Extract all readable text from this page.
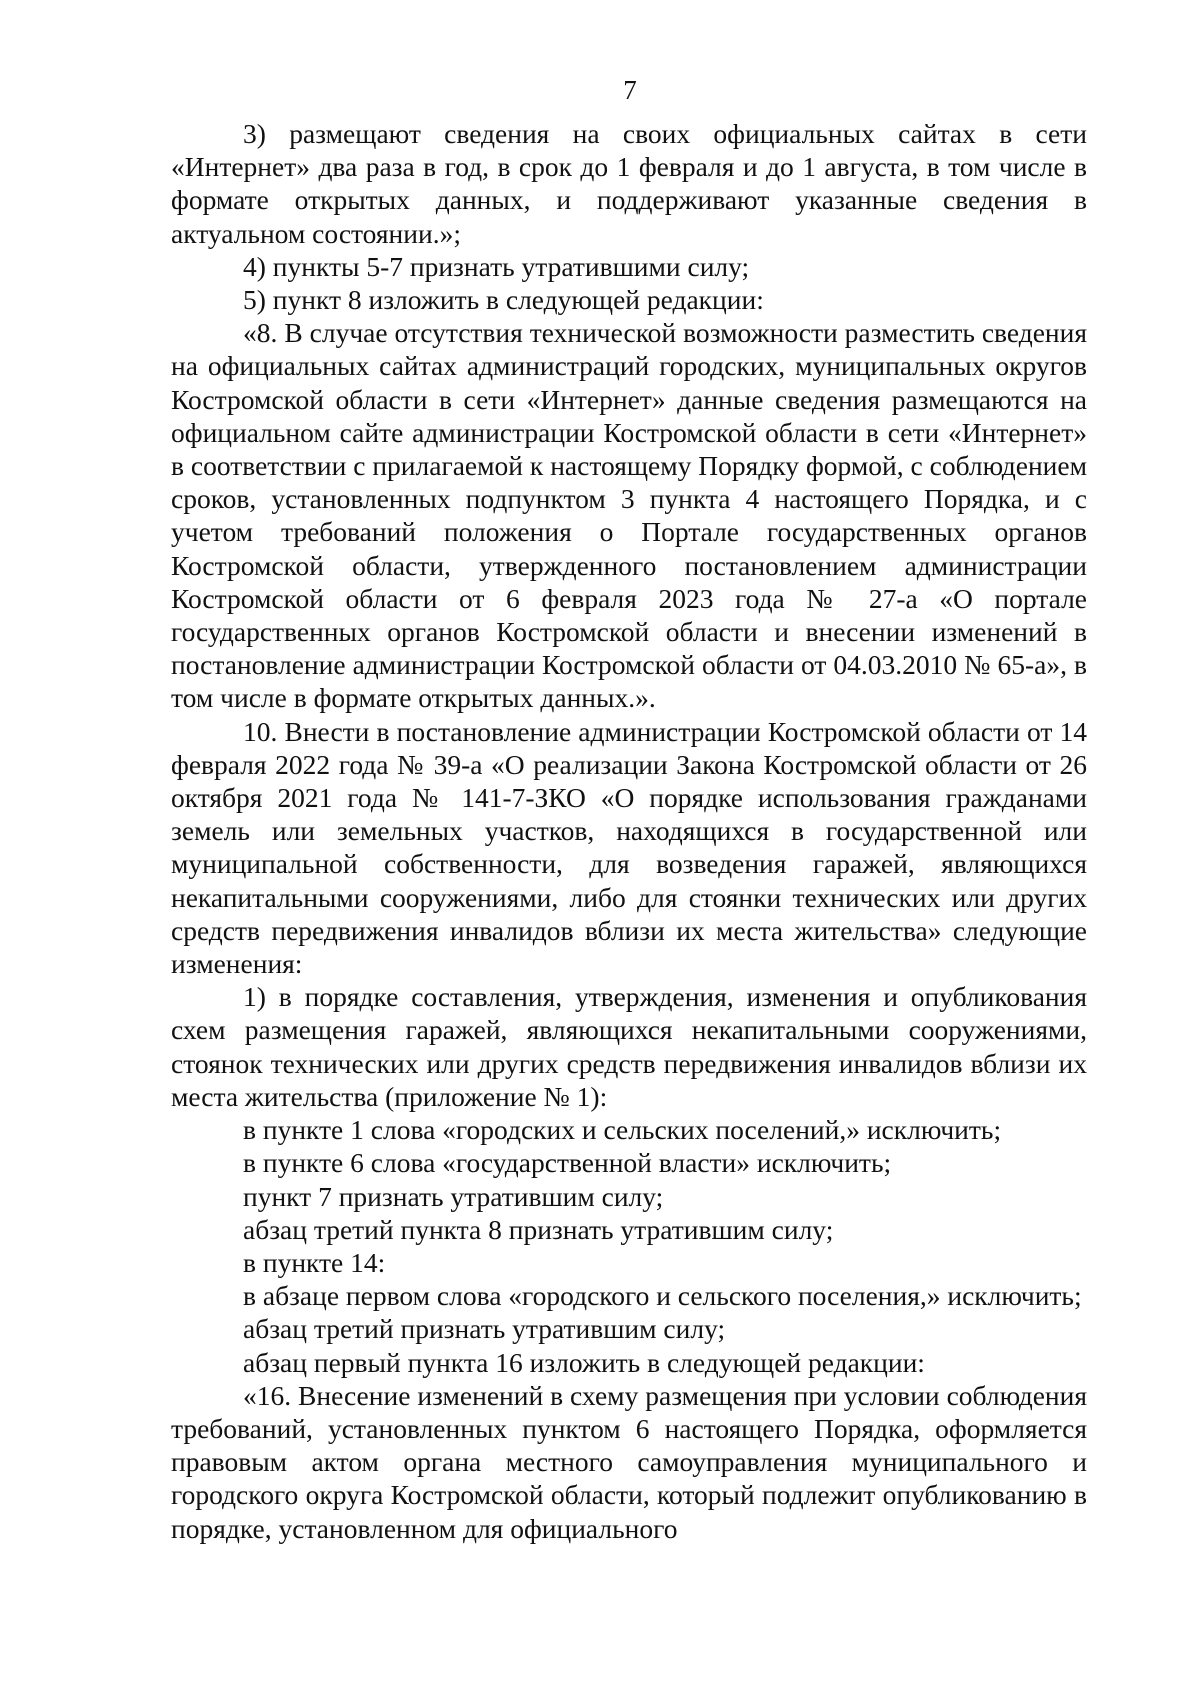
7

3) размещают сведения на своих официальных сайтах в сети «Интернет» два раза в год, в срок до 1 февраля и до 1 августа, в том числе в формате открытых данных, и поддерживают указанные сведения в актуальном состоянии.»;

4) пункты 5-7 признать утратившими силу;

5) пункт 8 изложить в следующей редакции:

«8. В случае отсутствия технической возможности разместить сведения на официальных сайтах администраций городских, муниципальных округов Костромской области в сети «Интернет» данные сведения размещаются на официальном сайте администрации Костромской области в сети «Интернет» в соответствии с прилагаемой к настоящему Порядку формой, с соблюдением сроков, установленных подпунктом 3 пункта 4 настоящего Порядка, и с учетом требований положения о Портале государственных органов Костромской области, утвержденного постановлением администрации Костромской области от 6 февраля 2023 года № 27-а «О портале государственных органов Костромской области и внесении изменений в постановление администрации Костромской области от 04.03.2010 № 65-а», в том числе в формате открытых данных.».

10. Внести в постановление администрации Костромской области от 14 февраля 2022 года № 39-а «О реализации Закона Костромской области от 26 октября 2021 года № 141-7-ЗКО «О порядке использования гражданами земель или земельных участков, находящихся в государственной или муниципальной собственности, для возведения гаражей, являющихся некапитальными сооружениями, либо для стоянки технических или других средств передвижения инвалидов вблизи их места жительства» следующие изменения:

1) в порядке составления, утверждения, изменения и опубликования схем размещения гаражей, являющихся некапитальными сооружениями, стоянок технических или других средств передвижения инвалидов вблизи их места жительства (приложение № 1):

в пункте 1 слова «городских и сельских поселений,» исключить;

в пункте 6 слова «государственной власти» исключить;

пункт 7 признать утратившим силу;

абзац третий пункта 8 признать утратившим силу;

в пункте 14:

в абзаце первом слова «городского и сельского поселения,» исключить;

абзац третий признать утратившим силу;

абзац первый пункта 16 изложить в следующей редакции:

«16. Внесение изменений в схему размещения при условии соблюдения требований, установленных пунктом 6 настоящего Порядка, оформляется правовым актом органа местного самоуправления муниципального и городского округа Костромской области, который подлежит опубликованию в порядке, установленном для официального
